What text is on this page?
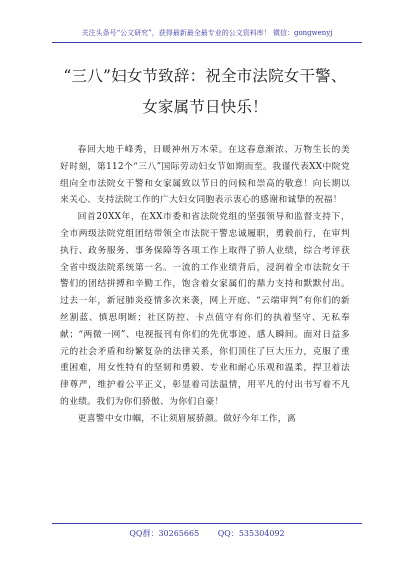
关注头条号“公文研究”，获得最新最全最专业的公文资料库！ 微信：gongwenyj
“三八”妇女节致辞：祝全市法院女干警、
女家属节日快乐！

春回大地千峰秀，日暖神州万木荣。在这春意渐浓、万物生长的美好时刻，第112个“三八”国际劳动妇女节如期而至。我谨代表XX中院党组向全市法院女干警和女家属致以节日的问候和崇高的敬意！向长期以来关心、支持法院工作的广大妇女同胞表示衷心的感谢和诚挚的祝福！

回首20XX年，在XX市委和省法院党组的坚强领导和监督支持下，全市两级法院党组团结带领全市法院干警忠诚履职，勇毅前行，在审判执行、政务服务、事务保障等各项工作上取得了骄人业绩，综合考评获全省中级法院系统第一名。一流的工作业绩背后，浸润着全市法院女干警们的团结拼搏和辛勤工作，饱含着女家属们的鼎力支持和默默付出。过去一年，新冠肺炎疫情多次来袭，网上开庭、“云端审判”有你们的新丝割蓝、慎思明断；社区防控、卡点值守有你们的执着坚守、无私奉献；“两微一网”、电视报刊有你们的先优事迹、感人瞬间。面对日益多元的社会矛盾和纷繁复杂的法律关系，你们顶住了巨大压力，克服了重重困难，用女性特有的坚韧和勇毅、专业和耐心乐观和温柔，捍卫着法律尊严，维护着公平正义，彰显着司法温情，用平凡的付出书写着不凡的业绩。我们为你们骄傲、为你们自豪！

更喜警中女巾帼，不让须眉展骄颜。做好今年工作，离

QQ群：30265665 QQ：535304092
